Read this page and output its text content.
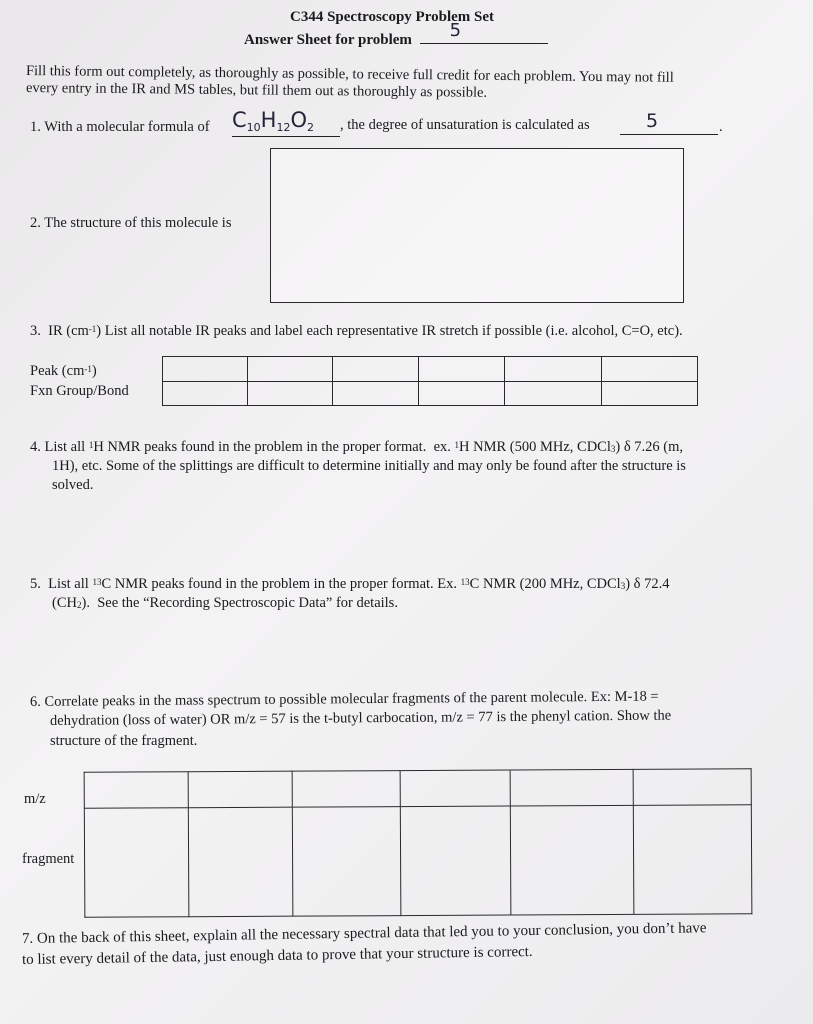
C344 Spectroscopy Problem Set
Answer Sheet for problem 5
Fill this form out completely, as thoroughly as possible, to receive full credit for each problem. You may not fill
every entry in the IR and MS tables, but fill them out as thoroughly as possible.
1. With a molecular formula of $C_{10}H_{12}O_2$ , the degree of unsaturation is calculated as	5	.
2. The structure of this molecule is
3.  IR $(cm^{-1})$ List all notable IR peaks and label each representative IR stretch if possible (i.e. alcohol, C=O, etc).
Peak $(cm^{-1})$
Fxn Group/Bond

4. List all $^1$H NMR peaks found in the problem in the proper format.  ex. $^1$H NMR (500 MHz, CDCl$_3$) δ 7.26 (m,
1H), etc. Some of the splittings are difficult to determine initially and may only be found after the structure is
solved.
5.  List all $^{13}$C NMR peaks found in the problem in the proper format. Ex. $^{13}$C NMR (200 MHz, CDCl$_3$) δ 72.4
$(CH_2)$.  See the “Recording Spectroscopic Data” for details.
6. Correlate peaks in the mass spectrum to possible molecular fragments of the parent molecule. Ex: M-18 =
dehydration (loss of water) OR m/z = 57 is the t-butyl carbocation, m/z = 77 is the phenyl cation. Show the
structure of the fragment.
m/z
fragment

7. On the back of this sheet, explain all the necessary spectral data that led you to your conclusion, you don’t have
to list every detail of the data, just enough data to prove that your structure is correct.
